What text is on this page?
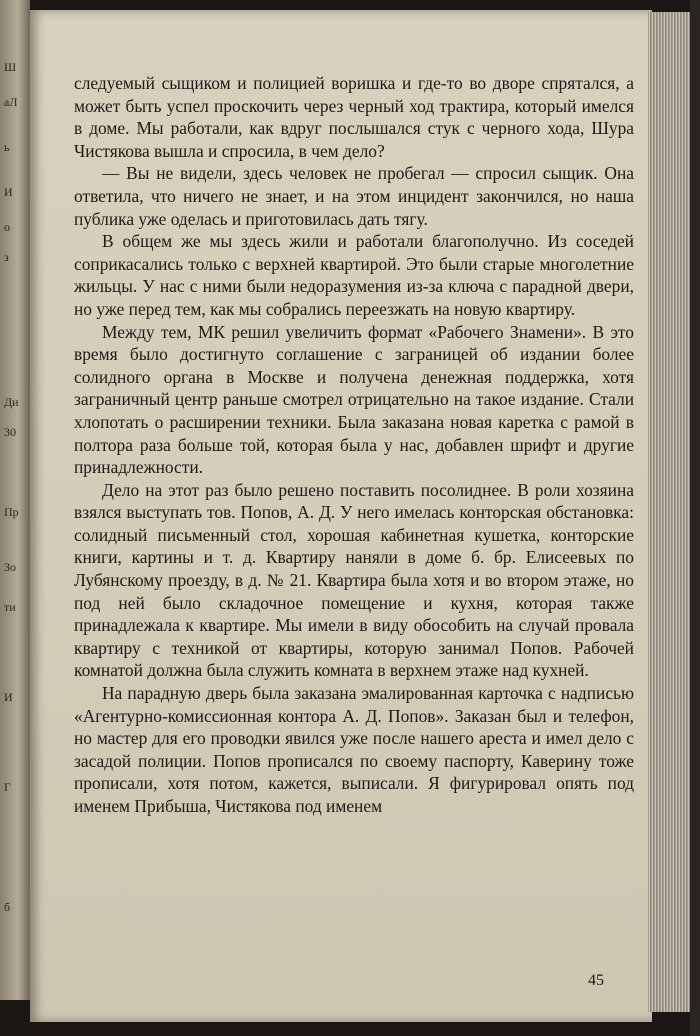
Ш
аЛ
ь
И
о
з
Ди
30
Пр
Зо
ти
И
Г
б

следуемый сыщиком и полицией воришка и где-то во дворе спрятался, а может быть успел проскочить через черный ход трактира, который имелся в доме. Мы работали, как вдруг послышался стук с черного хода, Шура Чистякова вышла и спросила, в чем дело?

— Вы не видели, здесь человек не пробегал — спросил сыщик. Она ответила, что ничего не знает, и на этом инцидент закончился, но наша публика уже оделась и приготовилась дать тягу.

В общем же мы здесь жили и работали благополучно. Из соседей соприкасались только с верхней квартирой. Это были старые многолетние жильцы. У нас с ними были недоразумения из-за ключа с парадной двери, но уже перед тем, как мы собрались переезжать на новую квартиру.

Между тем, МК решил увеличить формат «Рабочего Знамени». В это время было достигнуто соглашение с заграницей об издании более солидного органа в Москве и получена денежная поддержка, хотя заграничный центр раньше смотрел отрицательно на такое издание. Стали хлопотать о расширении техники. Была заказана новая каретка с рамой в полтора раза больше той, которая была у нас, добавлен шрифт и другие принадлежности.

Дело на этот раз было решено поставить посолиднее. В роли хозяина взялся выступать тов. Попов, А. Д. У него имелась конторская обстановка: солидный письменный стол, хорошая кабинетная кушетка, конторские книги, картины и т. д. Квартиру наняли в доме б. бр. Елисеевых по Лубянскому проезду, в д. № 21. Квартира была хотя и во втором этаже, но под ней было складочное помещение и кухня, которая также принадлежала к квартире. Мы имели в виду обособить на случай провала квартиру с техникой от квартиры, которую занимал Попов. Рабочей комнатой должна была служить комната в верхнем этаже над кухней.

На парадную дверь была заказана эмалированная карточка с надписью «Агентурно-комиссионная контора А. Д. Попов». Заказан был и телефон, но мастер для его проводки явился уже после нашего ареста и имел дело с засадой полиции. Попов прописался по своему паспорту, Каверину тоже прописали, хотя потом, кажется, выписали. Я фигурировал опять под именем Прибыша, Чистякова под именем

45
